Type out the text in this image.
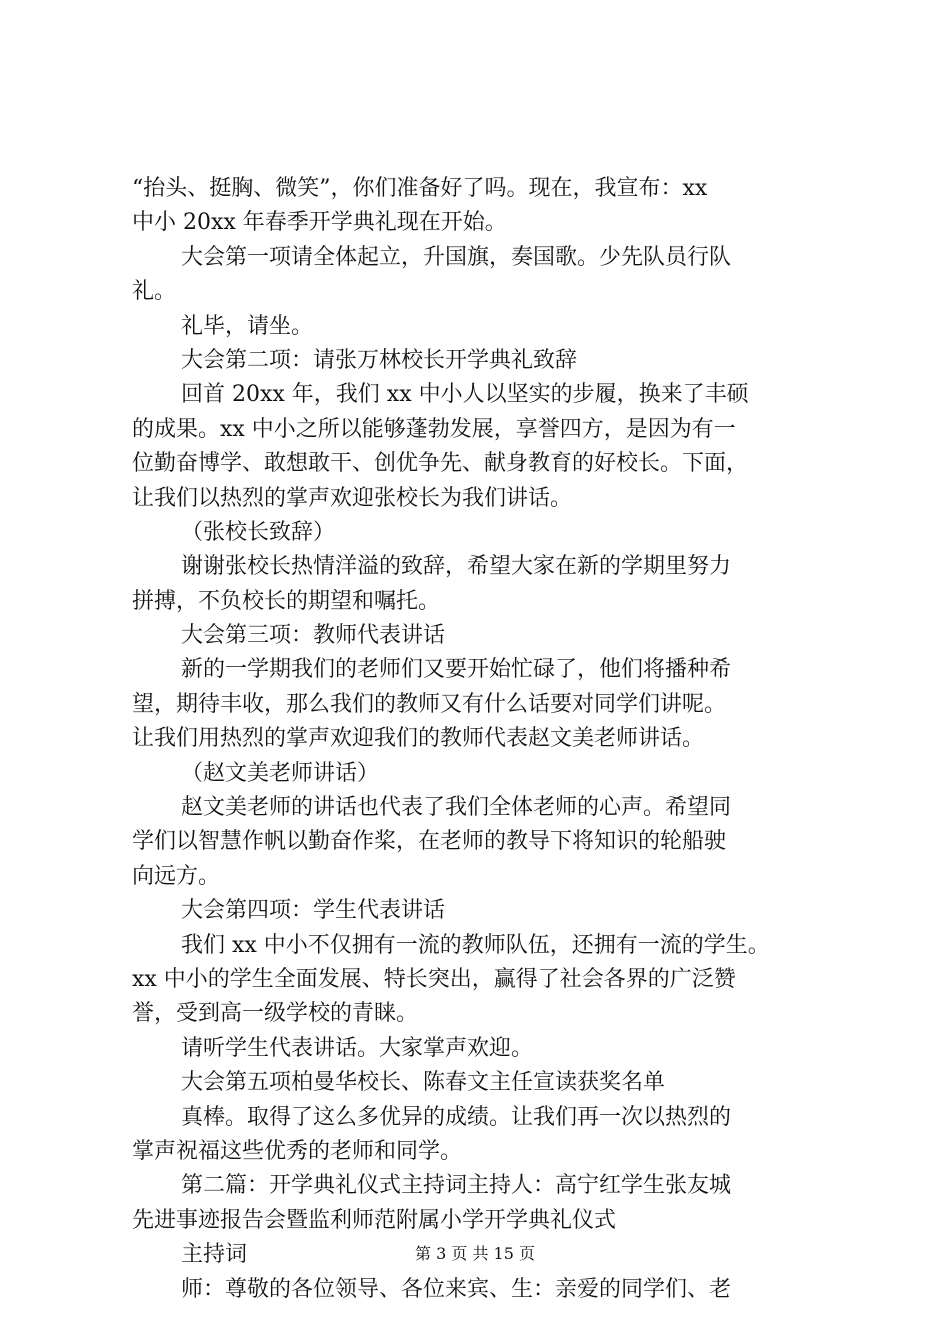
“抬头、挺胸、微笑”，你们准备好了吗。现在，我宣布：xx
中小 20xx 年春季开学典礼现在开始。
大会第一项请全体起立，升国旗，奏国歌。少先队员行队
礼。
礼毕，请坐。
大会第二项：请张万林校长开学典礼致辞
回首 20xx 年，我们 xx 中小人以坚实的步履，换来了丰硕
的成果。xx 中小之所以能够蓬勃发展，享誉四方，是因为有一
位勤奋博学、敢想敢干、创优争先、献身教育的好校长。下面，
让我们以热烈的掌声欢迎张校长为我们讲话。
（张校长致辞）
谢谢张校长热情洋溢的致辞，希望大家在新的学期里努力
拼搏，不负校长的期望和嘱托。
大会第三项：教师代表讲话
新的一学期我们的老师们又要开始忙碌了，他们将播种希
望，期待丰收，那么我们的教师又有什么话要对同学们讲呢。
让我们用热烈的掌声欢迎我们的教师代表赵文美老师讲话。
（赵文美老师讲话）
赵文美老师的讲话也代表了我们全体老师的心声。希望同
学们以智慧作帆以勤奋作桨，在老师的教导下将知识的轮船驶
向远方。
大会第四项：学生代表讲话
我们 xx 中小不仅拥有一流的教师队伍，还拥有一流的学生。
xx 中小的学生全面发展、特长突出，赢得了社会各界的广泛赞
誉，受到高一级学校的青睐。
请听学生代表讲话。大家掌声欢迎。
大会第五项柏曼华校长、陈春文主任宣读获奖名单
真棒。取得了这么多优异的成绩。让我们再一次以热烈的
掌声祝福这些优秀的老师和同学。
第二篇：开学典礼仪式主持词主持人：高宁红学生张友城
先进事迹报告会暨监利师范附属小学开学典礼仪式
主持词
师：尊敬的各位领导、各位来宾、生：亲爱的同学们、老
第 3 页 共 15 页
